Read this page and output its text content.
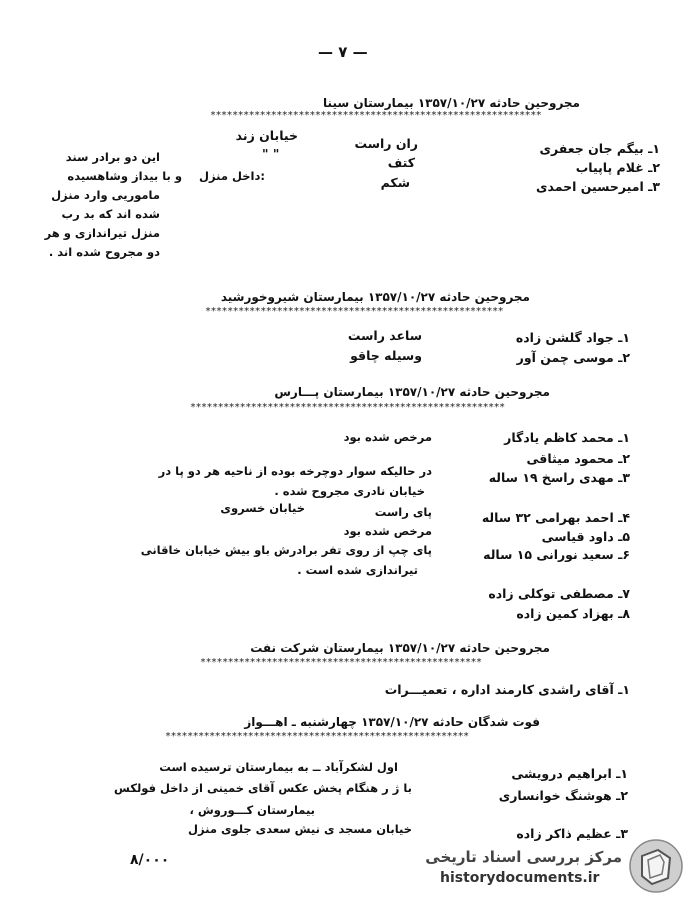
— ۷ —
مجروحین حادثه ۱۳۵۷/۱۰/۲۷ بیمارستان سینا
************************************************************
ران راست
خیابان زند
۱ـ بیگم جان جعفری
۲ـ غلام پاپیاب
۳ـ امیرحسین احمدی
" "
کتف
شکم
:داخل منزل
این دو برادر سند
و با بیداز وشاهسیده
ماموریی وارد منزل
شده اند که بد رب
منزل تیراندازی و هر
دو مجروح شده اند .
مجروحین حادثه ۱۳۵۷/۱۰/۲۷ بیمارستان شیروخورشید
******************************************************
۱ـ جواد گلشن زاده
۲ـ موسی چمن آور
ساعد راست
وسیله چاقو
مجروحین حادثه ۱۳۵۷/۱۰/۲۷ بیمارستان پـــارس
*********************************************************
۱ـ محمد کاظم یادگار
۲ـ محمود میثاقی
۳ـ مهدی راسخ ۱۹ ساله
۴ـ احمد بهرامی ۳۲ ساله
۵ـ داود قیاسی
۶ـ سعید نورانی ۱۵ ساله
۷ـ مصطفی توکلی زاده
۸ـ بهزاد کمین زاده
مرخص شده بود
در حالیکه سوار دوچرخه بوده از ناحیه هر دو پا در
خیابان نادری مجروح شده .
پای راست
خیابان خسروی
مرخص شده بود
پای چپ از روی تفر برادرش باو بیش خیابان خاقانی
تیراندازی شده است .
مجروحین حادثه ۱۳۵۷/۱۰/۲۷ بیمارستان شرکت نفت
***************************************************
۱ـ آقای راشدی کارمند اداره ، تعمیـــرات
فوت شدگان حادثه ۱۳۵۷/۱۰/۲۷ چهارشنبه ـ اهـــواز
*******************************************************
۱ـ ابراهیم درویشی
۲ـ هوشنگ خوانساری
۳ـ عظیم ذاکر زاده
اول لشکرآباد ــ به بیمارستان ترسیده است
با ژ ر هنگام پخش عکس آقای خمینی از داخل فولکس
بیمارستان کـــوروش ،
خیابان مسجد ی نیش سعدی جلوی منزل
۸/۰۰۰	مرکز بررسی اسناد تاریخی
historydocuments.ir
